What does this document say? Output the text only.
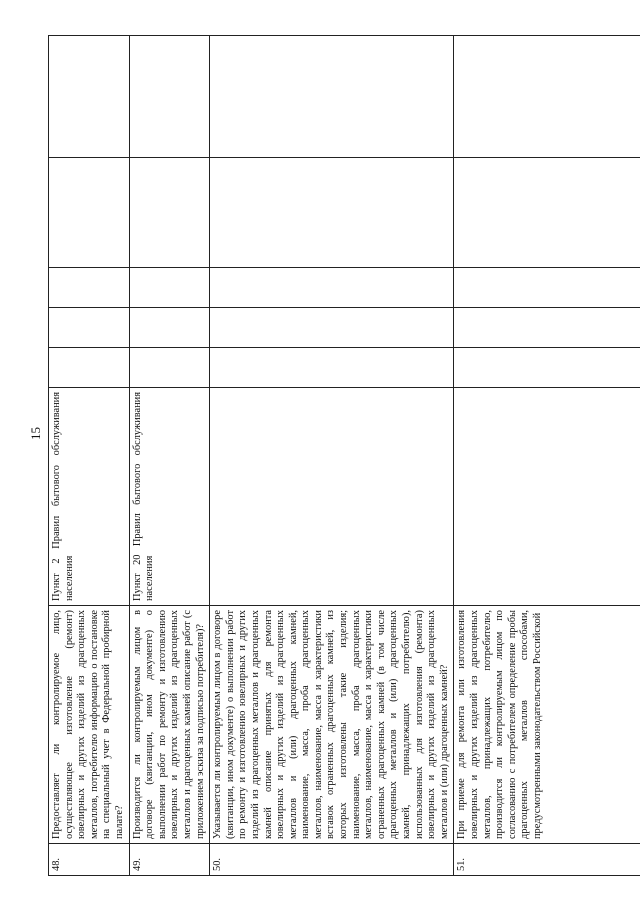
15
48.	Предоставляет ли контролируемое лицо, осуществляющее изготовление (ремонт) ювелирных и других изделий из драгоценных металлов, потребителю информацию о постановке на специальный учет в Федеральной пробирной палате?	Пункт 2 Правил бытового обслуживания населения					
49.	Производится ли контролируемым лицом в договоре (квитанции, ином документе) о выполнении работ по ремонту и изготовлению ювелирных и других изделий из драгоценных металлов и драгоценных камней описание работ (с приложением эскиза за подписью потребителя)?	Пункт 20 Правил бытового обслуживания населения					
50.	Указывается ли контролируемым лицом в договоре (квитанции, ином документе) о выполнении работ по ремонту и изготовлению ювелирных и других изделий из драгоценных металлов и драгоценных камней описание принятых для ремонта ювелирных и других изделий из драгоценных металлов и (или) драгоценных камней, наименование, масса, проба драгоценных металлов, наименование, масса и характеристики вставок ограненных драгоценных камней, из которых изготовлены такие изделия; наименование, масса, проба драгоценных металлов, наименование, масса и характеристики ограненных драгоценных камней (в том числе драгоценных металлов и (или) драгоценных камней, принадлежащих потребителю), использованных для изготовления (ремонта) ювелирных и других изделий из драгоценных металлов и (или) драгоценных камней?						
51.	При приеме для ремонта или изготовления ювелирных и других изделий из драгоценных металлов, принадлежащих потребителю, производится ли контролируемым лицом по согласованию с потребителем определение пробы драгоценных металлов способами, предусмотренными законодательством Российской						
